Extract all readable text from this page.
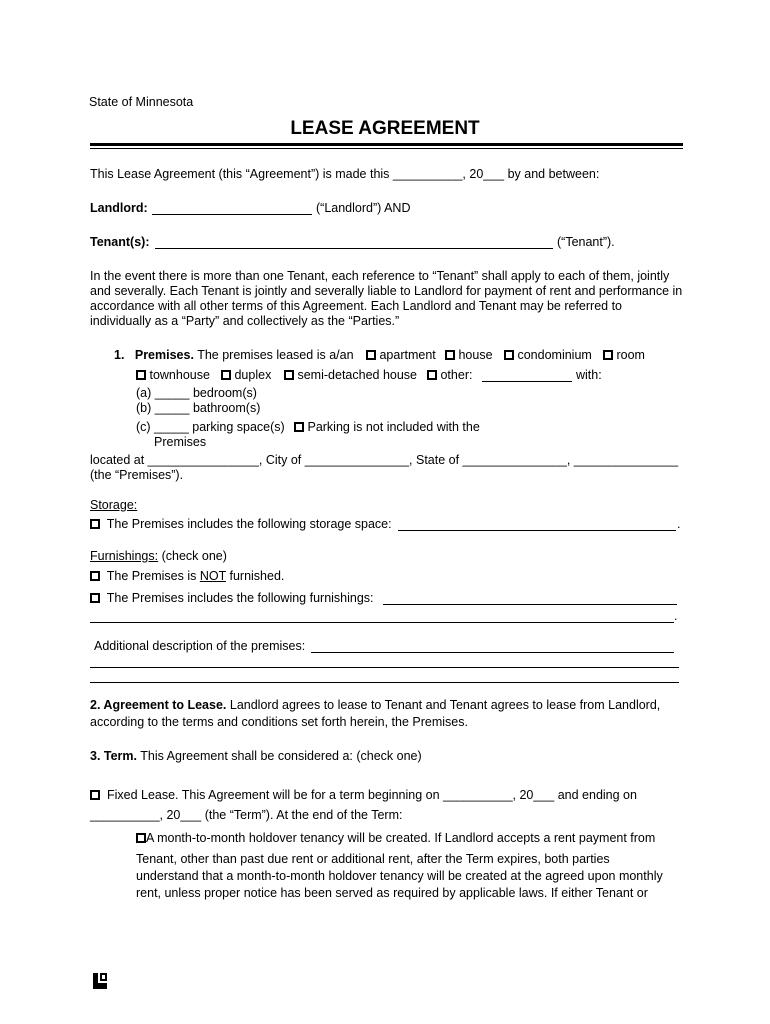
State of Minnesota
LEASE AGREEMENT
This Lease Agreement (this “Agreement”) is made this __________, 20___ by and between:
Landlord:	(“Landlord”) AND
Tenant(s):	(“Tenant”).
In the event there is more than one Tenant, each reference to “Tenant” shall apply to each of them, jointly and severally. Each Tenant is jointly and severally liable to Landlord for payment of rent and performance in accordance with all other terms of this Agreement. Each Landlord and Tenant may be referred to individually as a “Party” and collectively as the “Parties.”
1. Premises. The premises leased is a/an	apartment	house	condominium	room
townhouse	duplex	semi-detached house	other:	with:
(a) _____ bedroom(s)
(b) _____ bathroom(s)
(c) _____ parking space(s)	Parking is not included with the
Premises
located at ________________, City of _______________, State of _______________, _______________
(the “Premises”).
Storage:
The Premises includes the following storage space:	.
Furnishings: (check one)
The Premises is NOT furnished.
The Premises includes the following furnishings:
.
Additional description of the premises:
2. Agreement to Lease. Landlord agrees to lease to Tenant and Tenant agrees to lease from Landlord,
according to the terms and conditions set forth herein, the Premises.
3. Term. This Agreement shall be considered a: (check one)
Fixed Lease. This Agreement will be for a term beginning on __________, 20___ and ending on
__________, 20___ (the “Term”). At the end of the Term:
A month-to-month holdover tenancy will be created. If Landlord accepts a rent payment from
Tenant, other than past due rent or additional rent, after the Term expires, both parties
understand that a month-to-month holdover tenancy will be created at the agreed upon monthly
rent, unless proper notice has been served as required by applicable laws. If either Tenant or
